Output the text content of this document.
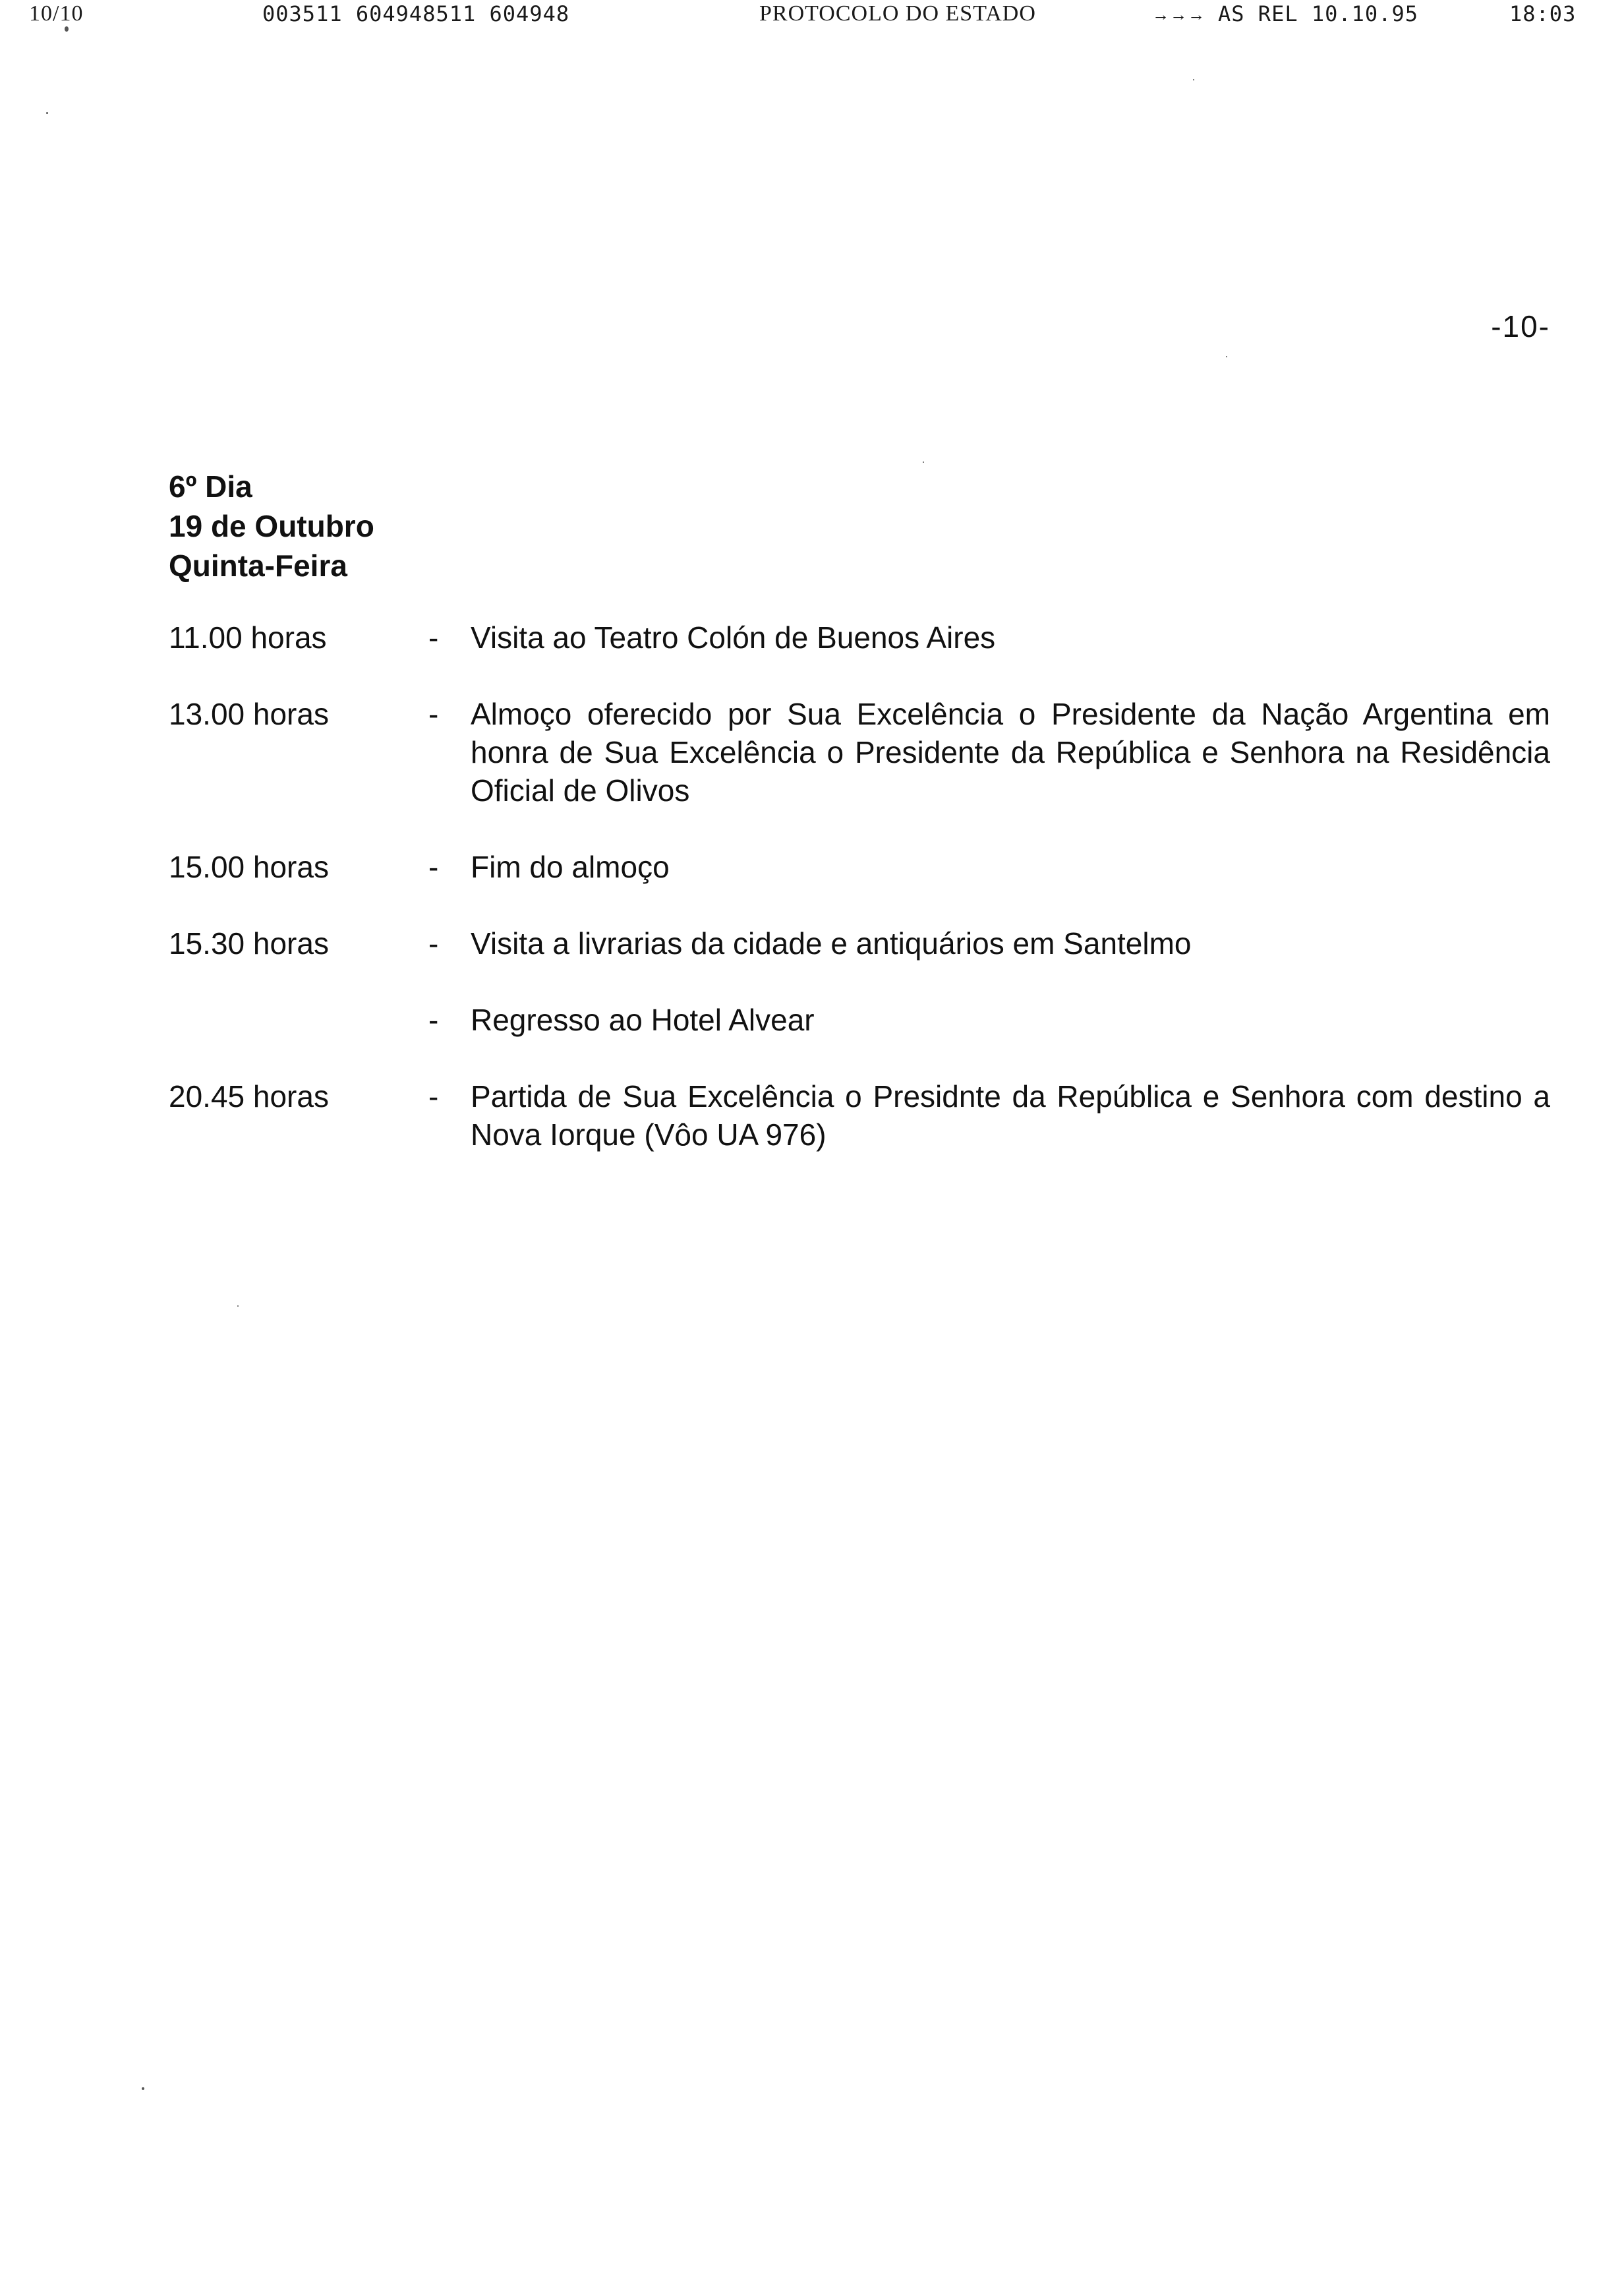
10/10	003511 604948511 604948	PROTOCOLO DO ESTADO	→→→ AS REL 10.10.95	18:03
-10-
6º Dia
19 de Outubro
Quinta-Feira
11.00 horas	- Visita ao Teatro Colón de Buenos Aires
13.00 horas	- Almoço oferecido por Sua Excelência o Presidente da Nação Argentina em honra de Sua Excelência o Presidente da República e Senhora na Residência Oficial de Olivos
15.00 horas	- Fim do almoço
15.30 horas	- Visita a livrarias da cidade e antiquários em Santelmo
- Regresso ao Hotel Alvear
20.45 horas	- Partida de Sua Excelência o Presidnte da República e Senhora com destino a Nova Iorque (Vôo UA 976)
